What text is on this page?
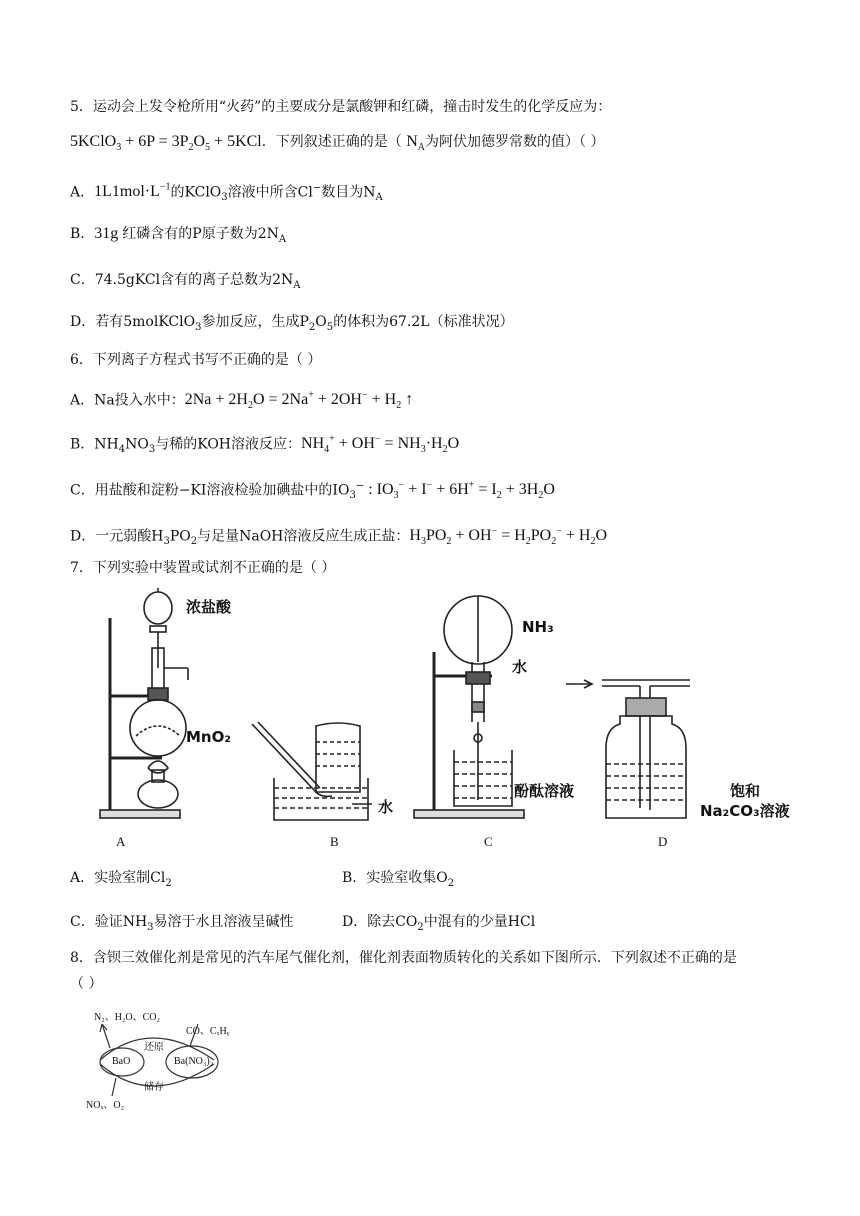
5．运动会上发令枪所用“火药”的主要成分是氯酸钾和红磷，撞击时发生的化学反应为：
5KClO$_3$ + $6P = 3P_2O_5 + 5KCl$．下列叙述正确的是（ $N_A$为阿伏加德罗常数的值）（ ）
A．$1L1mol\cdot L^{-1}$的KClO$_3$溶液中所含Cl−数目为$N_A$
B．31g 红磷含有的P原子数为$2N_A$
C．74.5gKCl含有的离子总数为$2N_A$
D．若有5molKClO$_3$参加反应，生成$P_2O_5$的体积为67.2L（标准状况）
6．下列离子方程式书写不正确的是（ ）
A．Na投入水中：$2Na + 2H_2O = 2Na^+ + 2OH^- + H_2$ ↑
B．$NH_4NO_3$与稀的KOH溶液反应：$NH_4^+ + OH^- = NH_3\cdot H_2O$
C．用盐酸和淀粉−KI溶液检验加碘盐中的$IO_3^-$ : $IO_3^- + I^- + 6H^+ = I_2 + 3H_2O$
D．一元弱酸$H_3PO_2$与足量NaOH溶液反应生成正盐：$H_3PO_2 + OH^- = H_2PO_2^- + H_2O$
7．下列实验中装置或试剂不正确的是（ ）
浓盐酸
MnO₂
A
水
B
NH₃
水
酚酞溶液
C
饱和
Na₂CO₃溶液
D
A．实验室制$Cl_2$	B．实验室收集$O_2$
C．验证$NH_3$易溶于水且溶液呈碱性	D．除去$CO_2$中混有的少量HCl
8．含钡三效催化剂是常见的汽车尾气催化剂，催化剂表面物质转化的关系如下图所示．下列叙述不正确的是
（ ）
N₂、H₂O、CO₂
CO、CₓHᵧ
还原
BaO	Ba(NO₃)₂
储存
NOₓ、O₂
